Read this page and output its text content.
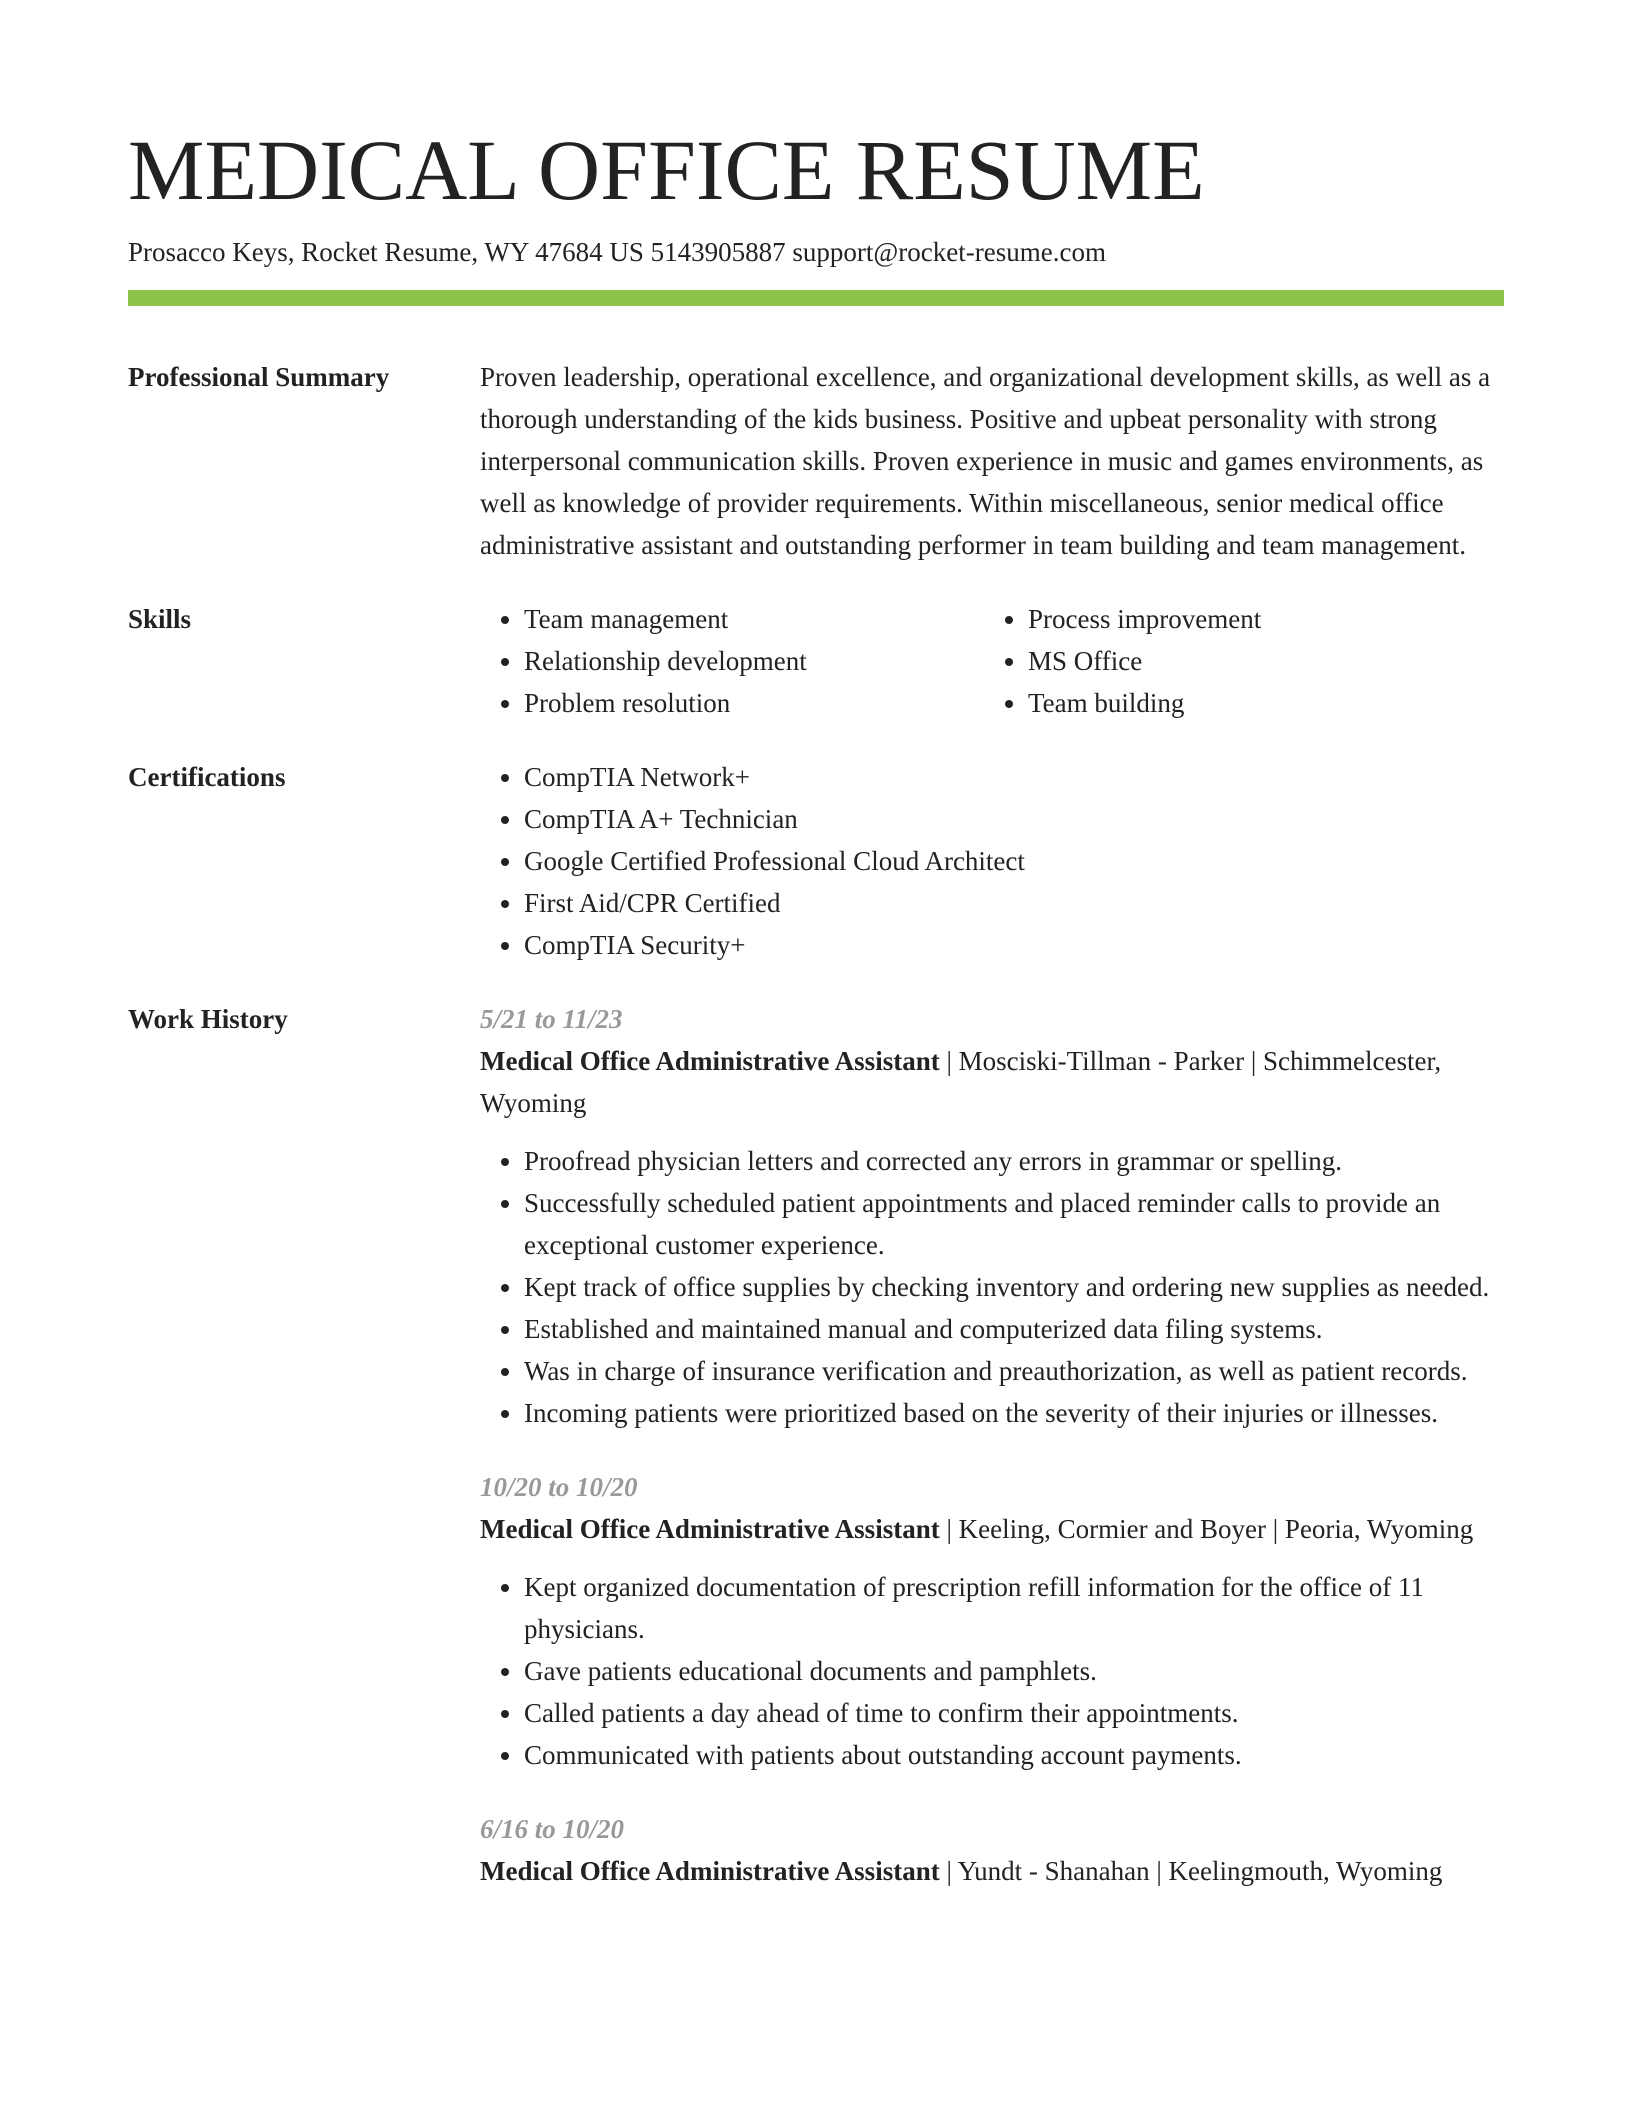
MEDICAL OFFICE RESUME
Prosacco Keys, Rocket Resume, WY 47684 US 5143905887 support@rocket-resume.com
Professional Summary	Proven leadership, operational excellence, and organizational development skills, as well as a thorough understanding of the kids business. Positive and upbeat personality with strong interpersonal communication skills. Proven experience in music and games environments, as well as knowledge of provider requirements. Within miscellaneous, senior medical office administrative assistant and outstanding performer in team building and team management.

Skills	• Team management
• Relationship development
• Problem resolution
• Process improvement
• MS Office
• Team building
Certifications	• CompTIA Network+
• CompTIA A+ Technician
• Google Certified Professional Cloud Architect
• First Aid/CPR Certified
• CompTIA Security+
Work History	5/21 to 11/23
Medical Office Administrative Assistant | Mosciski-Tillman - Parker | Schimmelcester, Wyoming
• Proofread physician letters and corrected any errors in grammar or spelling.
• Successfully scheduled patient appointments and placed reminder calls to provide an exceptional customer experience.
• Kept track of office supplies by checking inventory and ordering new supplies as needed.
• Established and maintained manual and computerized data filing systems.
• Was in charge of insurance verification and preauthorization, as well as patient records.
• Incoming patients were prioritized based on the severity of their injuries or illnesses.
10/20 to 10/20
Medical Office Administrative Assistant | Keeling, Cormier and Boyer | Peoria, Wyoming
• Kept organized documentation of prescription refill information for the office of 11 physicians.
• Gave patients educational documents and pamphlets.
• Called patients a day ahead of time to confirm their appointments.
• Communicated with patients about outstanding account payments.
6/16 to 10/20
Medical Office Administrative Assistant | Yundt - Shanahan | Keelingmouth, Wyoming
